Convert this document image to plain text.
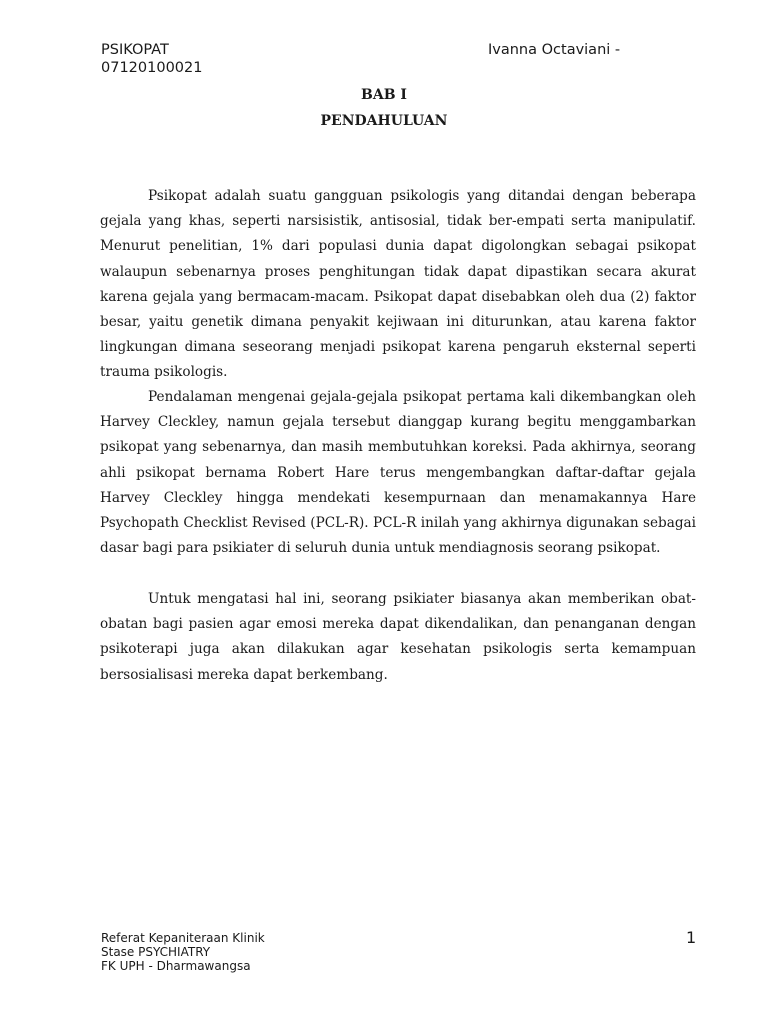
PSIKOPAT	Ivanna Octaviani -
07120100021
BAB I
PENDAHULUAN

Psikopat adalah suatu gangguan psikologis yang ditandai dengan beberapa gejala yang khas, seperti narsisistik, antisosial, tidak ber-empati serta manipulatif. Menurut penelitian, 1% dari populasi dunia dapat digolongkan sebagai psikopat walaupun sebenarnya proses penghitungan tidak dapat dipastikan secara akurat karena gejala yang bermacam-macam. Psikopat dapat disebabkan oleh dua (2) faktor besar, yaitu genetik dimana penyakit kejiwaan ini diturunkan, atau karena faktor lingkungan dimana seseorang menjadi psikopat karena pengaruh eksternal seperti trauma psikologis.

Pendalaman mengenai gejala-gejala psikopat pertama kali dikembangkan oleh Harvey Cleckley, namun gejala tersebut dianggap kurang begitu menggambarkan psikopat yang sebenarnya, dan masih membutuhkan koreksi. Pada akhirnya, seorang ahli psikopat bernama Robert Hare terus mengembangkan daftar-daftar gejala Harvey Cleckley hingga mendekati kesempurnaan dan menamakannya Hare Psychopath Checklist Revised (PCL-R). PCL-R inilah yang akhirnya digunakan sebagai dasar bagi para psikiater di seluruh dunia untuk mendiagnosis seorang psikopat.

Untuk mengatasi hal ini, seorang psikiater biasanya akan memberikan obat-obatan bagi pasien agar emosi mereka dapat dikendalikan, dan penanganan dengan psikoterapi juga akan dilakukan agar kesehatan psikologis serta kemampuan bersosialisasi mereka dapat berkembang.

Referat Kepaniteraan Klinik
Stase PSYCHIATRY
FK UPH - Dharmawangsa
1
